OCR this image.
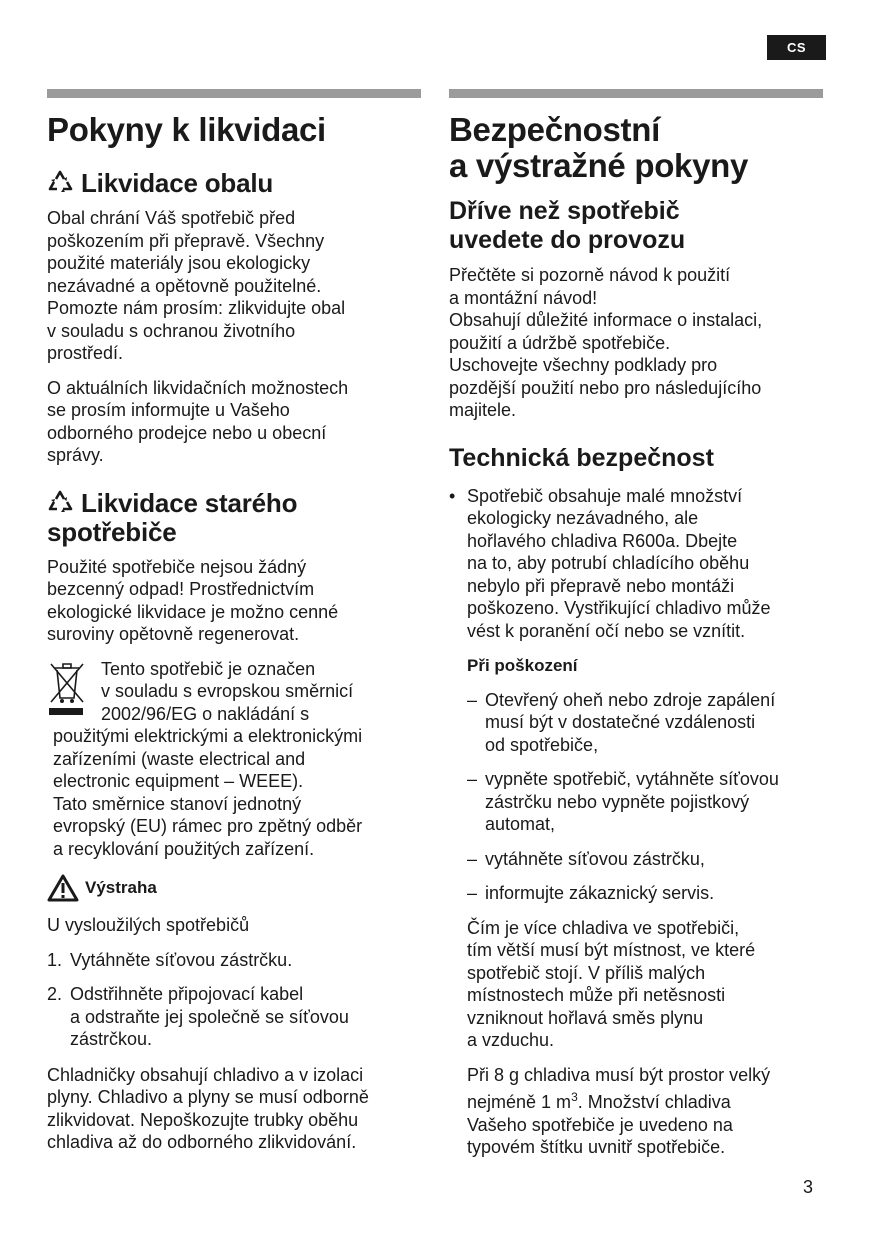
CS
Pokyny k likvidaci
Likvidace obalu

Obal chrání Váš spotřebič před
poškozením při přepravě. Všechny
použité materiály jsou ekologicky
nezávadné a opětovně použitelné.
Pomozte nám prosím: zlikvidujte obal
v souladu s ochranou životního
prostředí.

O aktuálních likvidačních možnostech
se prosím informujte u Vašeho
odborného prodejce nebo u obecní
správy.

Likvidace starého
spotřebiče

Použité spotřebiče nejsou žádný
bezcenný odpad! Prostřednictvím
ekologické likvidace je možno cenné
suroviny opětovně regenerovat.

Tento spotřebič je označen
v souladu s evropskou směrnicí
2002/96/EG o nakládání s

použitými elektrickými a elektronickými
zařízeními (waste electrical and
electronic equipment – WEEE).
Tato směrnice stanoví jednotný
evropský (EU) rámec pro zpětný odběr
a recyklování použitých zařízení.

Výstraha

U vysloužilých spotřebičů

1. Vytáhněte síťovou zástrčku.
2. Odstřihněte připojovací kabel
a odstraňte jej společně se síťovou
zástrčkou.

Chladničky obsahují chladivo a v izolaci
plyny. Chladivo a plyny se musí odborně
zlikvidovat. Nepoškozujte trubky oběhu
chladiva až do odborného zlikvidování.

Bezpečnostní
a výstražné pokyny
Dříve než spotřebič
uvedete do provozu

Přečtěte si pozorně návod k použití
a montážní návod!
Obsahují důležité informace o instalaci,
použití a údržbě spotřebiče.
Uschovejte všechny podklady pro
pozdější použití nebo pro následujícího
majitele.

Technická bezpečnost
• Spotřebič obsahuje malé množství
ekologicky nezávadného, ale
hořlavého chladiva R600a. Dbejte
na to, aby potrubí chladícího oběhu
nebylo při přepravě nebo montáži
poškozeno. Vystřikující chladivo může
vést k poranění očí nebo se vznítit.

Při poškození

– Otevřený oheň nebo zdroje zapálení
musí být v dostatečné vzdálenosti
od spotřebiče,
– vypněte spotřebič, vytáhněte síťovou
zástrčku nebo vypněte pojistkový
automat,
– vytáhněte síťovou zástrčku,
– informujte zákaznický servis.

Čím je více chladiva ve spotřebiči,
tím větší musí být místnost, ve které
spotřebič stojí. V příliš malých
místnostech může při netěsnosti
vzniknout hořlavá směs plynu
a vzduchu.

Při 8 g chladiva musí být prostor velký
nejméně 1 $m^3$. Množství chladiva
Vašeho spotřebiče je uvedeno na
typovém štítku uvnitř spotřebiče.

3
